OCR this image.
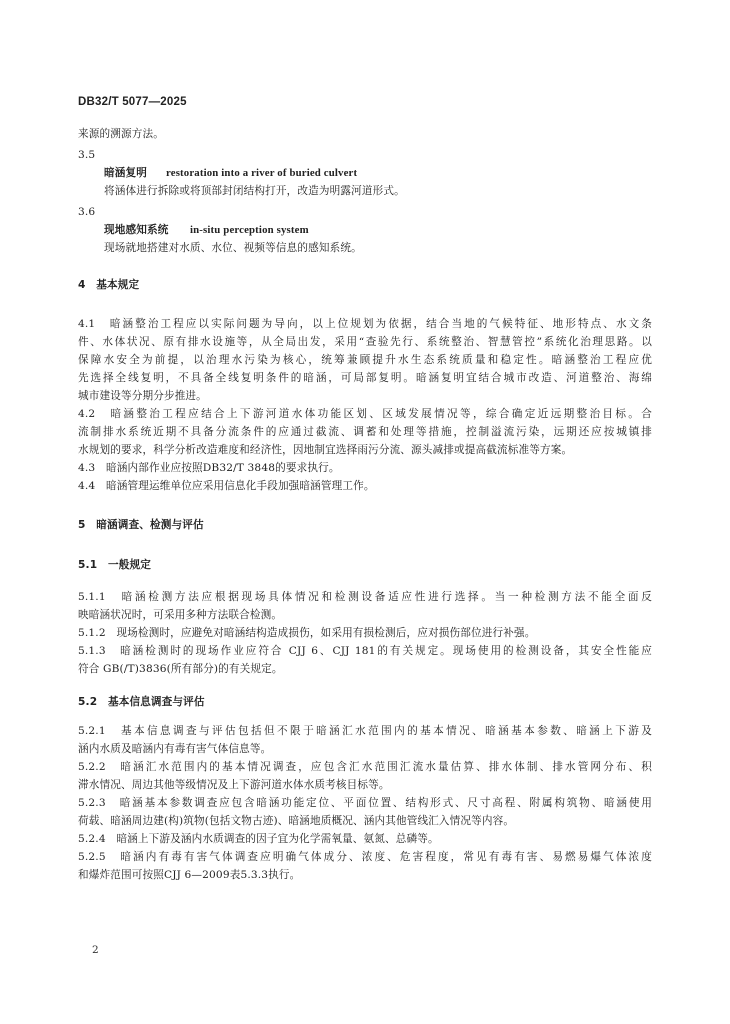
DB32/T 5077—2025
来源的溯源方法。
3.5
暗涵复明 restoration into a river of buried culvert
将涵体进行拆除或将顶部封闭结构打开，改造为明露河道形式。
3.6
现地感知系统 in-situ perception system
现场就地搭建对水质、水位、视频等信息的感知系统。
4　基本规定
4.1　暗涵整治工程应以实际问题为导向，以上位规划为依据，结合当地的气候特征、地形特点、水文条
件、水体状况、原有排水设施等，从全局出发，采用“查验先行、系统整治、智慧管控”系统化治理思路。以
保障水安全为前提，以治理水污染为核心，统筹兼顾提升水生态系统质量和稳定性。暗涵整治工程应优
先选择全线复明，不具备全线复明条件的暗涵，可局部复明。暗涵复明宜结合城市改造、河道整治、海绵
城市建设等分期分步推进。
4.2　暗涵整治工程应结合上下游河道水体功能区划、区域发展情况等，综合确定近远期整治目标。合
流制排水系统近期不具备分流条件的应通过截流、调蓄和处理等措施，控制溢流污染，远期还应按城镇排
水规划的要求，科学分析改造难度和经济性，因地制宜选择雨污分流、源头减排或提高截流标准等方案。
4.3　暗涵内部作业应按照DB32/T 3848的要求执行。
4.4　暗涵管理运维单位应采用信息化手段加强暗涵管理工作。
5　暗涵调查、检测与评估
5.1　一般规定
5.1.1　暗涵检测方法应根据现场具体情况和检测设备适应性进行选择。当一种检测方法不能全面反
映暗涵状况时，可采用多种方法联合检测。
5.1.2　现场检测时，应避免对暗涵结构造成损伤，如采用有损检测后，应对损伤部位进行补强。
5.1.3　暗涵检测时的现场作业应符合 CJJ 6、CJJ 181的有关规定。现场使用的检测设备，其安全性能应
符合 GB(/T)3836(所有部分)的有关规定。
5.2　基本信息调查与评估
5.2.1　基本信息调查与评估包括但不限于暗涵汇水范围内的基本情况、暗涵基本参数、暗涵上下游及
涵内水质及暗涵内有毒有害气体信息等。
5.2.2　暗涵汇水范围内的基本情况调查，应包含汇水范围汇流水量估算、排水体制、排水管网分布、积
滞水情况、周边其他等级情况及上下游河道水体水质考核目标等。
5.2.3　暗涵基本参数调查应包含暗涵功能定位、平面位置、结构形式、尺寸高程、附属构筑物、暗涵使用
荷载、暗涵周边建(构)筑物(包括文物古迹)、暗涵地质概况、涵内其他管线汇入情况等内容。
5.2.4　暗涵上下游及涵内水质调查的因子宜为化学需氧量、氨氮、总磷等。
5.2.5　暗涵内有毒有害气体调查应明确气体成分、浓度、危害程度，常见有毒有害、易燃易爆气体浓度
和爆炸范围可按照CJJ 6—2009表5.3.3执行。
2
